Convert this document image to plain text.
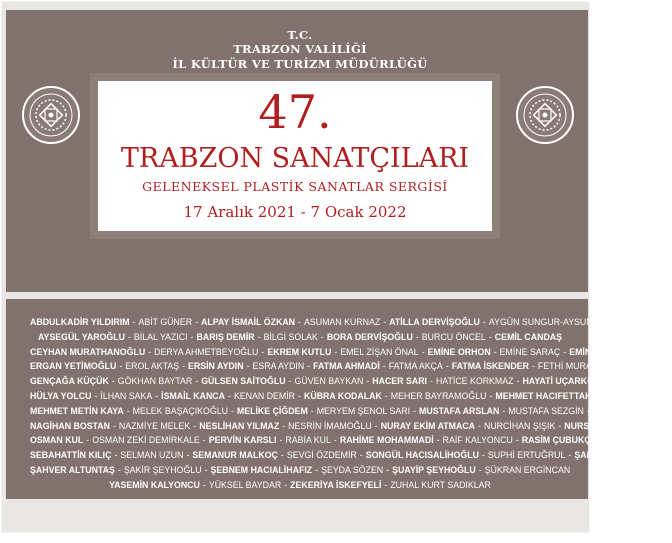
T.C.
TRABZON VALİLİĞİ
İL KÜLTÜR VE TURİZM MÜDÜRLÜĞÜ
47.
TRABZON SANATÇILARI
GELENEKSEL PLASTİK SANATLAR SERGİSİ
17 Aralık 2021 - 7 Ocak 2022
ABDULKADİR YILDIRIM - ABİT GÜNER - ALPAY İSMAİL ÖZKAN - ASUMAN KURNAZ - ATİLLA DERVİŞOĞLU - AYGÜN SUNGUR-AYSUN ŞAHİN
AYSEGÜL YAROĞLU - BİLAL YAZICI - BARIŞ DEMİR - BİLGİ SOLAK - BORA DERVİŞOĞLU - BURCU ÖNCEL - CEMİL CANDAŞ
CEYHAN MURATHANOĞLU - DERYA AHMETBEYOĞLU - EKREM KUTLU - EMEL ZİŞAN ÖNAL - EMİNE ORHON - EMİNE SARAÇ - EMİNE ZENGİN
ERGAN YETİMOĞLU - EROL AKTAŞ - ERSİN AYDIN - ESRA AYDIN - FATMA AHMADİ - FATMA AKÇA - FATMA İSKENDER - FETHİ MURATHANOĞLU
GENÇAĞA KÜÇÜK - GÖKHAN BAYTAR - GÜLSEN SAİTOĞLU - GÜVEN BAYKAN - HACER SARI - HATİCE KORKMAZ - HAYATİ UÇARKOL - HAYRİ BOSTAN
HÜLYA YOLCU - İLHAN SAKA - İSMAİL KANCA - KENAN DEMİR - KÜBRA KODALAK - MEHER BAYRAMOĞLU - MEHMET HACIFETTAHOĞLU
MEHMET METİN KAYA - MELEK BAŞAÇIKOĞLU - MELİKE ÇİĞDEM - MERYEM ŞENOL SARI - MUSTAFA ARSLAN - MUSTAFA SEZGİN - MÜMİN CANDAŞ
NAGİHAN BOSTAN - NAZMİYE MELEK - NESLİHAN YILMAZ - NESRİN İMAMOĞLU - NURAY EKİM ATMACA - NURCİHAN ŞIŞIK - NURSEL KARAÇENGEL
OSMAN KUL - OSMAN ZEKİ DEMİRKALE - PERVİN KARSLI - RABİA KUL - RAHİME MOHAMMADİ - RAİF KALYONCU - RASİM ÇUBUKÇU
SEBAHATTİN KILIÇ - SELMAN UZUN - SEMANUR MALKOÇ - SEVGİ ÖZDEMİR - SONGÜL HACISALİHOĞLU - SUPHİ ERTUĞRUL - ŞABAN OKTAR
ŞAHVER ALTUNTAŞ - ŞAKİR ŞEYHOĞLU - ŞEBNEM HACIALİHAFIZ - ŞEYDA SÖZEN - ŞUAYİP ŞEYHOĞLU - ŞÜKRAN ERGİNCAN
YASEMİN KALYONCU - YÜKSEL BAYDAR - ZEKERİYA İSKEFYELİ - ZUHAL KURT SADIKLAR
